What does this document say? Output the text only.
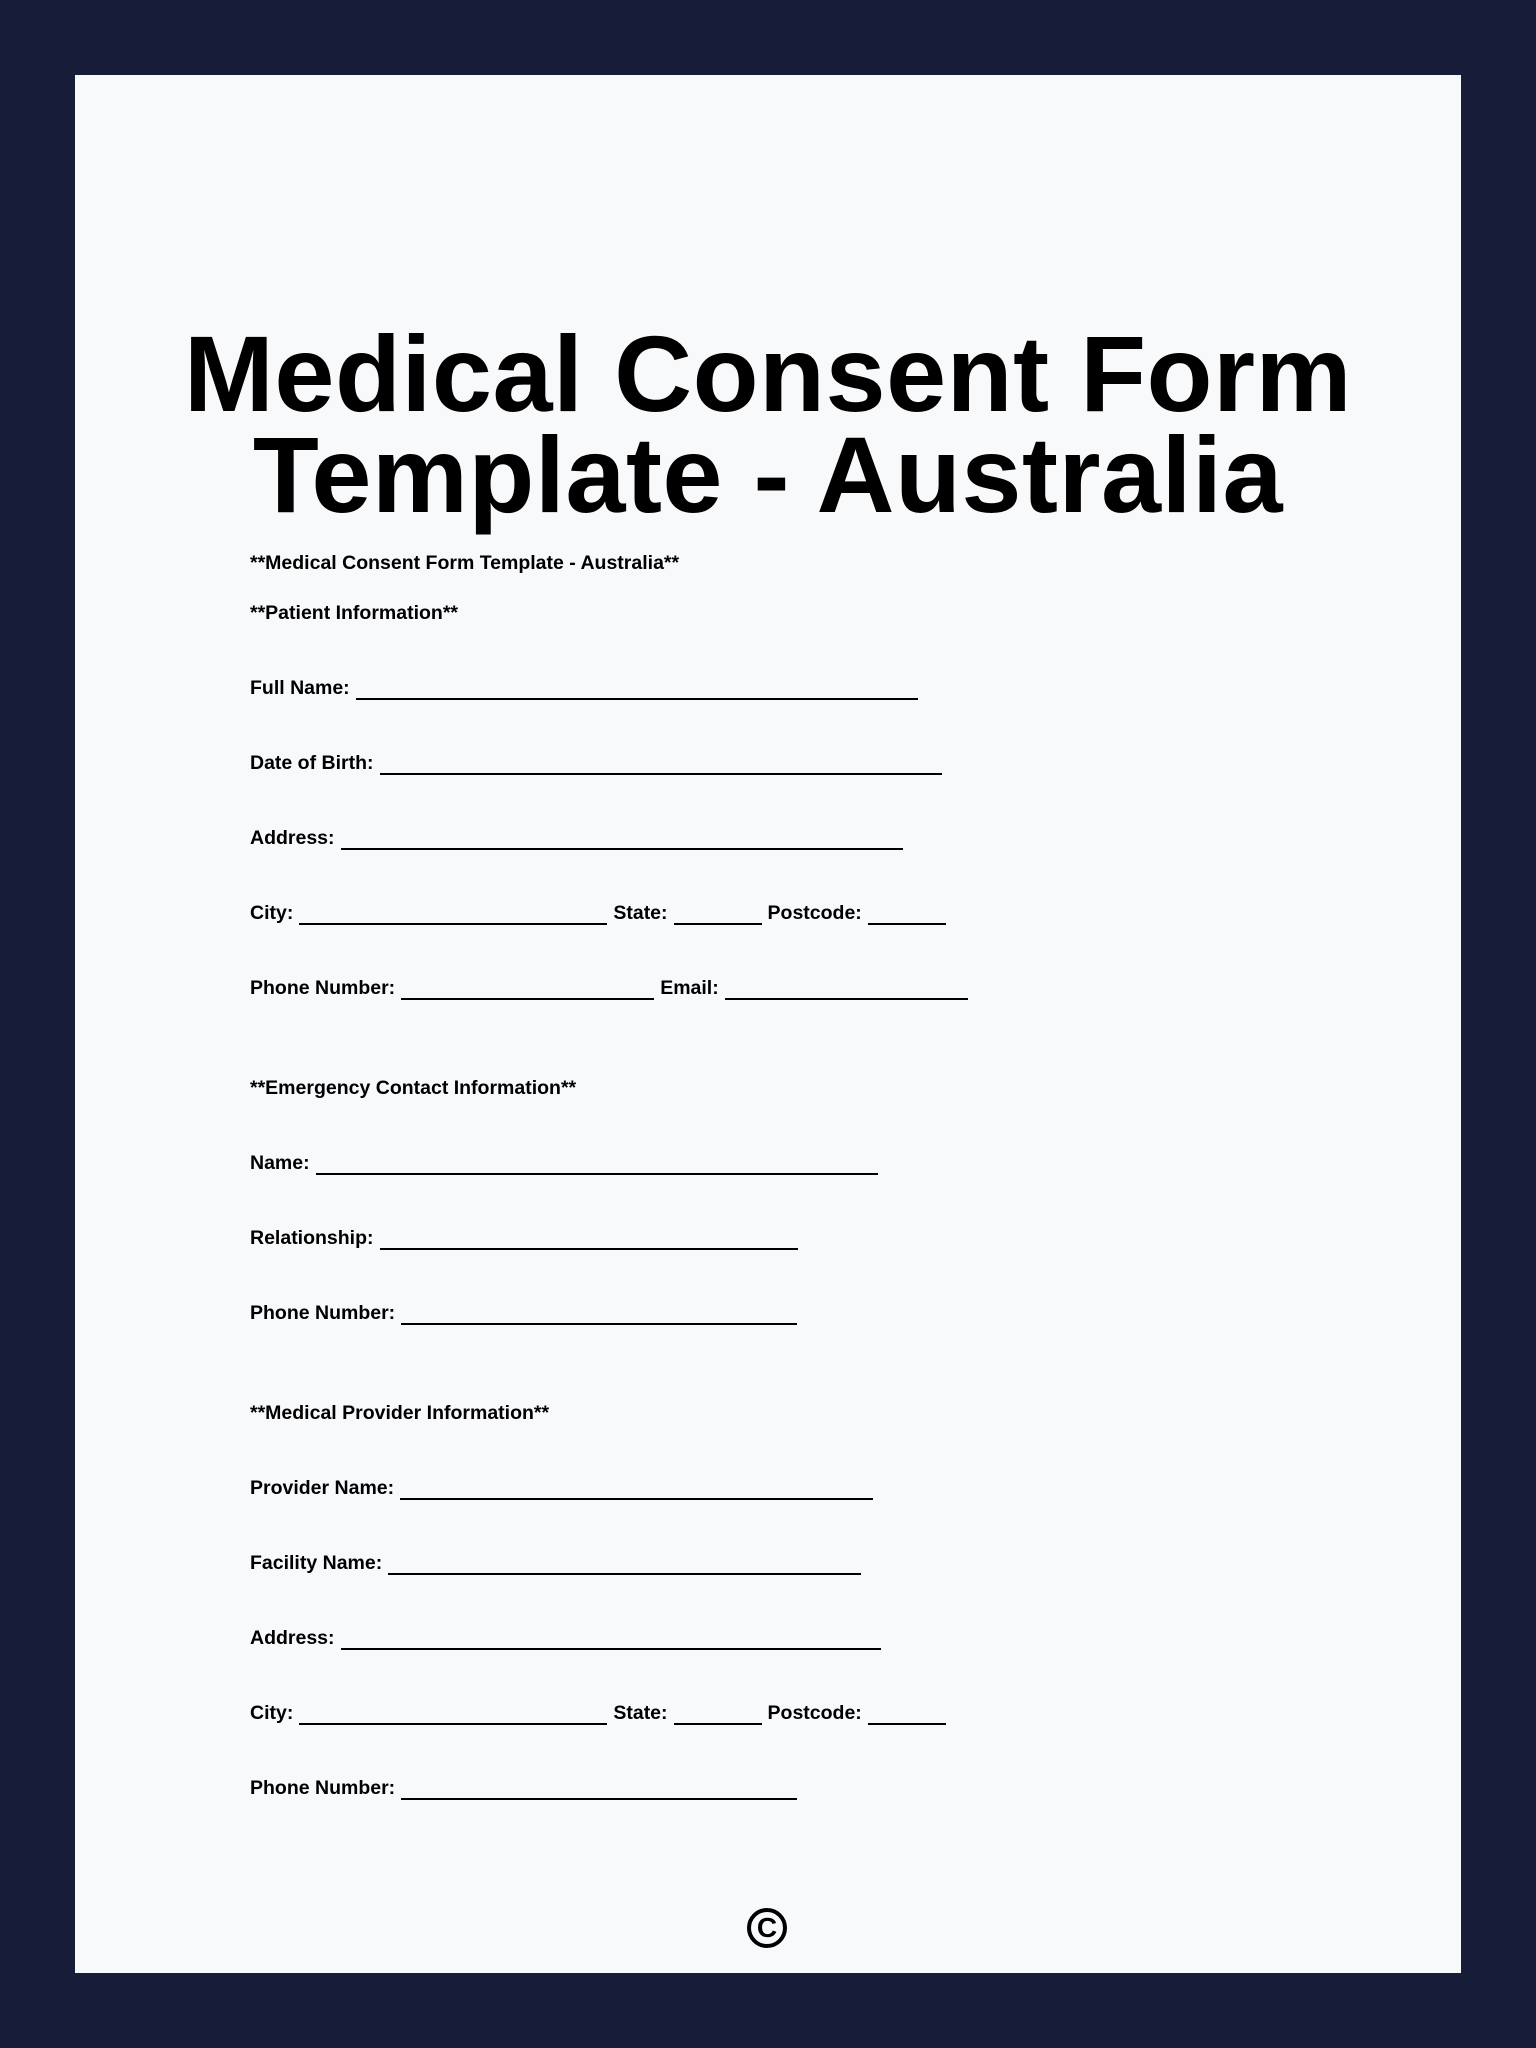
Medical Consent Form
Template - Australia
**Medical Consent Form Template - Australia**
**Patient Information**
Full Name:
Date of Birth:
Address:
City:	State:	Postcode:
Phone Number:	Email:
**Emergency Contact Information**
Name:
Relationship:
Phone Number:
**Medical Provider Information**
Provider Name:
Facility Name:
Address:
City:	State:	Postcode:
Phone Number:
C
